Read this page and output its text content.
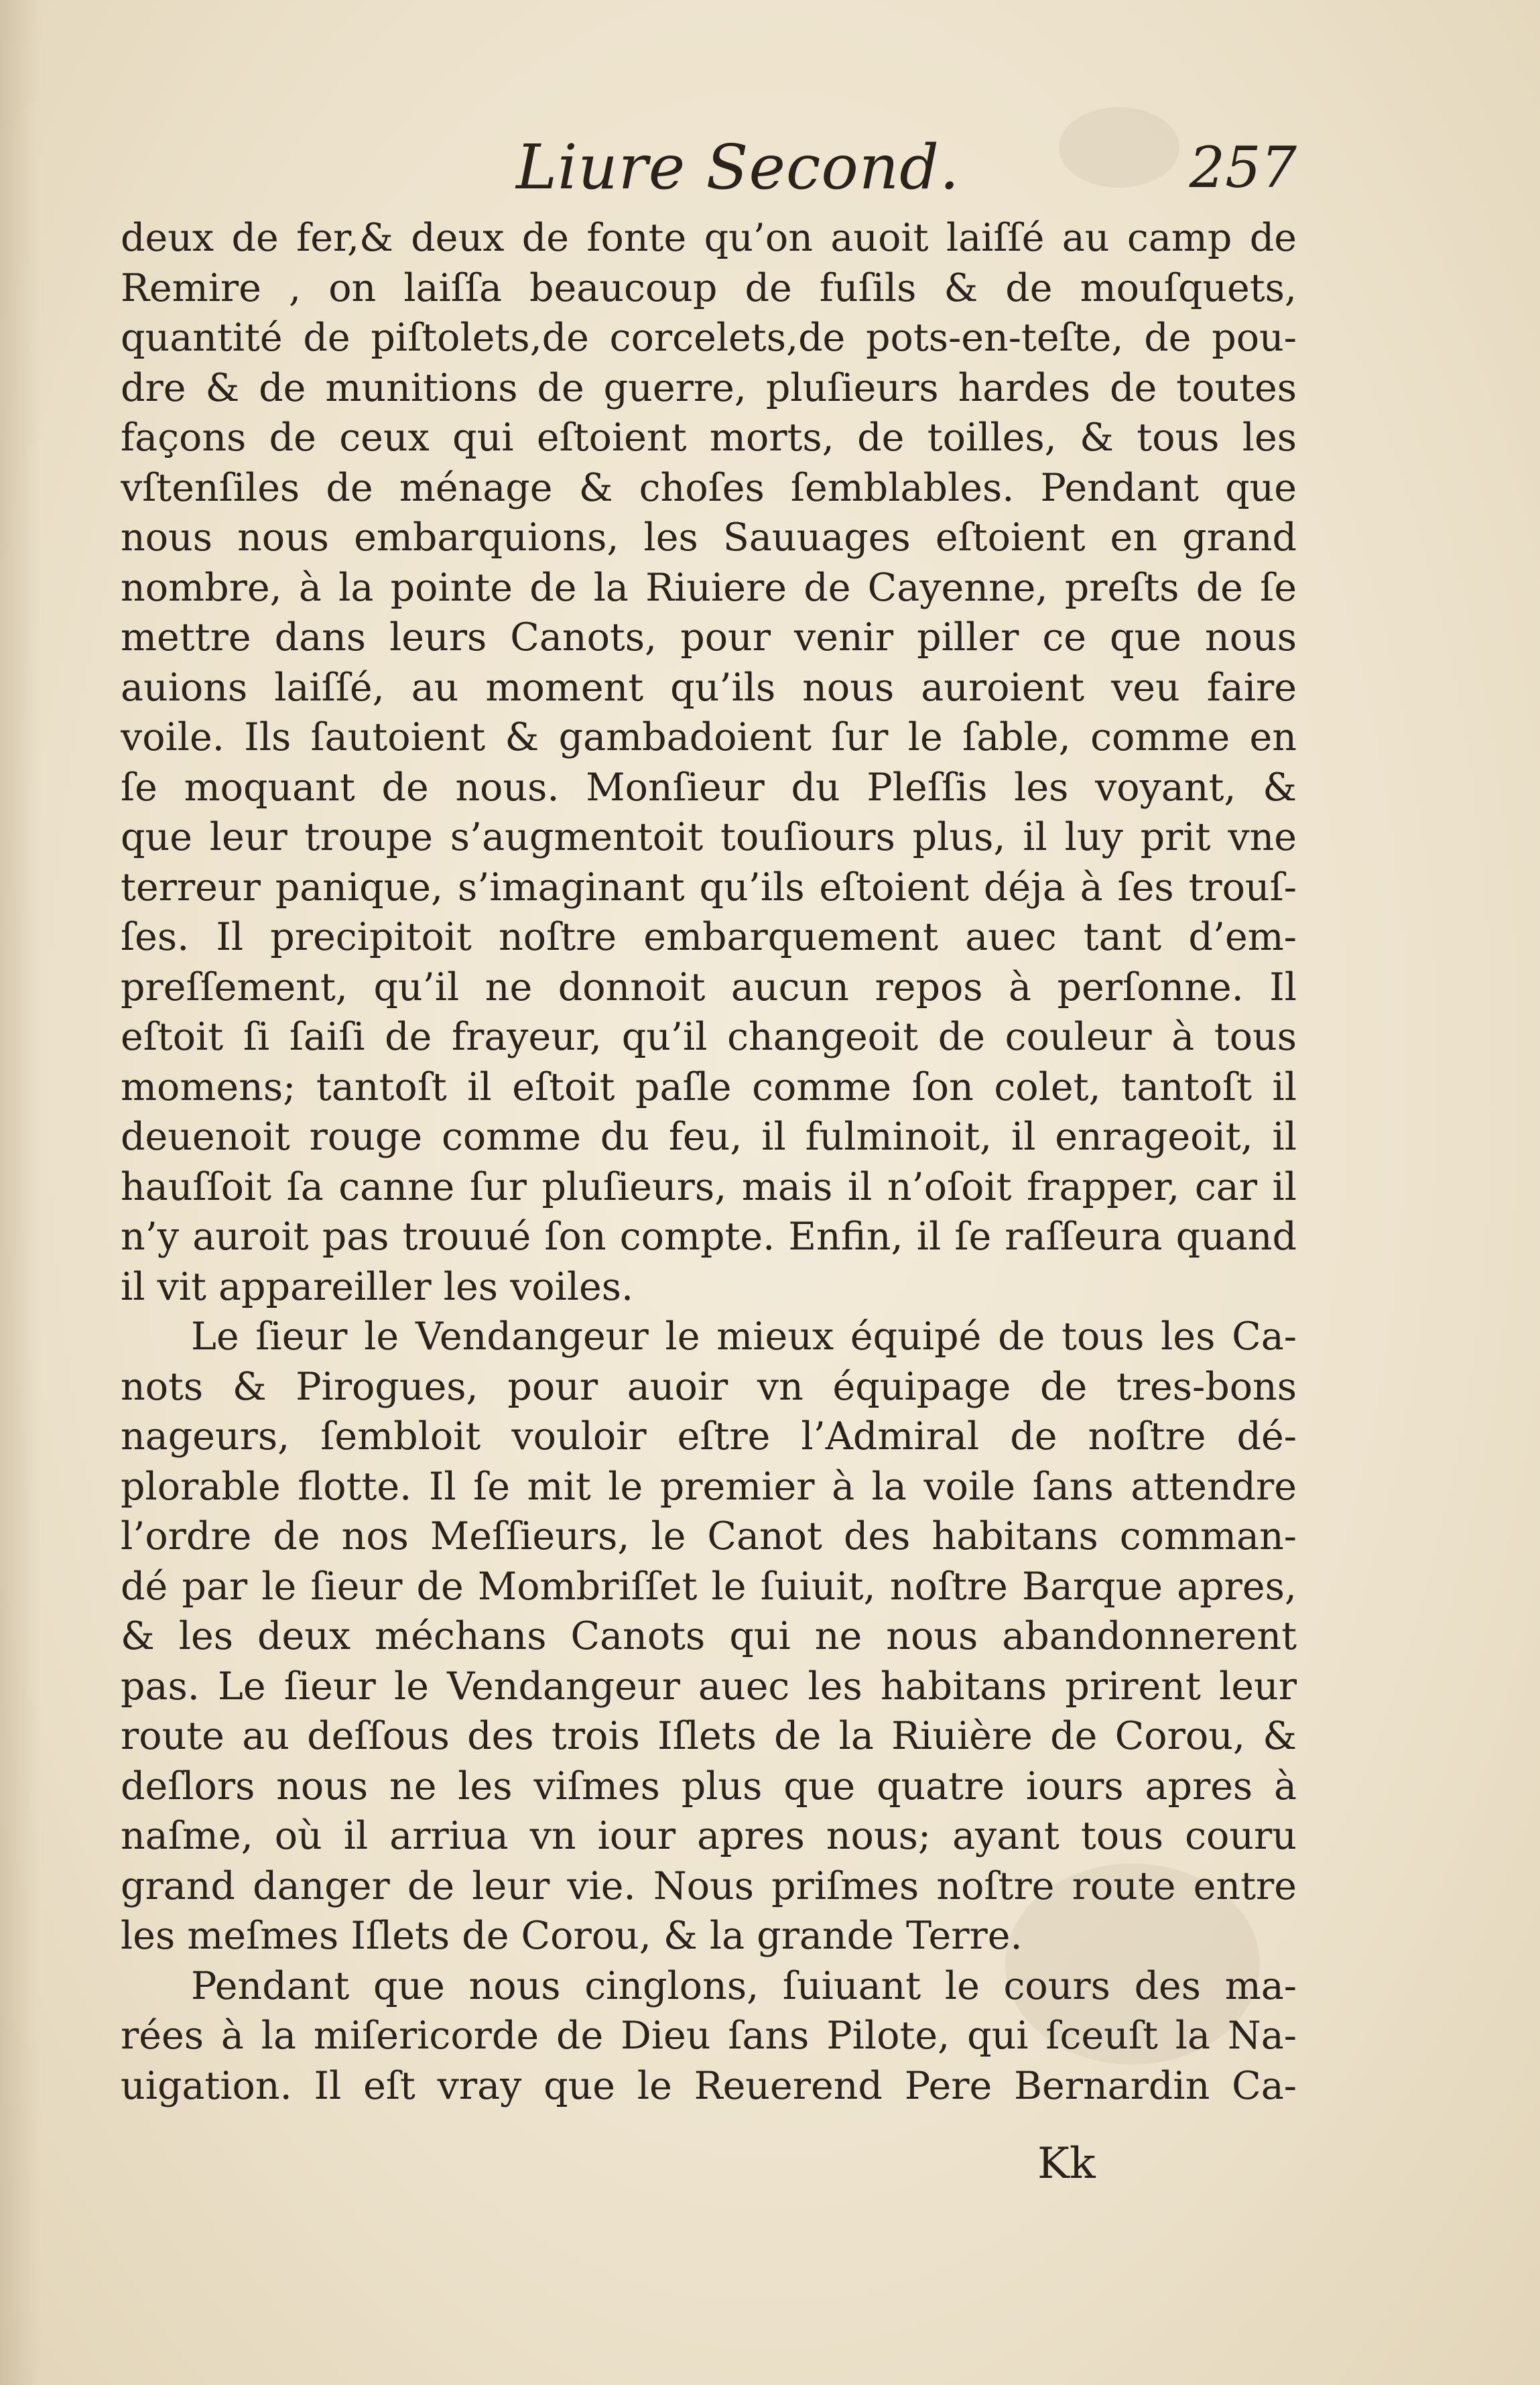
Liure Second.	257
deux de fer,& deux de fonte qu’on auoit laiſſé au camp de
Remire , on laiſſa beaucoup de fuſils & de mouſquets,
quantité de piſtolets,de corcelets,de pots-en-teſte, de pou-
dre & de munitions de guerre, pluſieurs hardes de toutes
façons de ceux qui eſtoient morts, de toilles, & tous les
vſtenſiles de ménage & choſes ſemblables. Pendant que
nous nous embarquions, les Sauuages eſtoient en grand
nombre, à la pointe de la Riuiere de Cayenne, preſts de ſe
mettre dans leurs Canots, pour venir piller ce que nous
auions laiſſé, au moment qu’ils nous auroient veu faire
voile. Ils ſautoient & gambadoient ſur le ſable, comme en
ſe moquant de nous. Monſieur du Pleſſis les voyant, &
que leur troupe s’augmentoit touſiours plus, il luy prit vne
terreur panique, s’imaginant qu’ils eſtoient déja à ſes trouſ-
ſes. Il precipitoit noſtre embarquement auec tant d’em-
preſſement, qu’il ne donnoit aucun repos à perſonne. Il
eſtoit ſi ſaiſi de frayeur, qu’il changeoit de couleur à tous
momens; tantoſt il eſtoit paſle comme ſon colet, tantoſt il
deuenoit rouge comme du feu, il fulminoit, il enrageoit, il
hauſſoit ſa canne ſur pluſieurs, mais il n’oſoit frapper, car il
n’y auroit pas trouué ſon compte. Enfin, il ſe raſſeura quand
il vit appareiller les voiles.
Le ſieur le Vendangeur le mieux équipé de tous les Ca-
nots & Pirogues, pour auoir vn équipage de tres-bons
nageurs, ſembloit vouloir eſtre l’Admiral de noſtre dé-
plorable flotte. Il ſe mit le premier à la voile ſans attendre
l’ordre de nos Meſſieurs, le Canot des habitans comman-
dé par le ſieur de Mombriſſet le ſuiuit, noſtre Barque apres,
& les deux méchans Canots qui ne nous abandonnerent
pas. Le ſieur le Vendangeur auec les habitans prirent leur
route au deſſous des trois Iſlets de la Riuière de Corou, &
deſlors nous ne les viſmes plus que quatre iours apres à
naſme, où il arriua vn iour apres nous; ayant tous couru
grand danger de leur vie. Nous priſmes noſtre route entre
les meſmes Iſlets de Corou, & la grande Terre.
Pendant que nous cinglons, ſuiuant le cours des ma-
rées à la miſericorde de Dieu ſans Pilote, qui ſceuſt la Na-
uigation. Il eſt vray que le Reuerend Pere Bernardin Ca-
Kk
